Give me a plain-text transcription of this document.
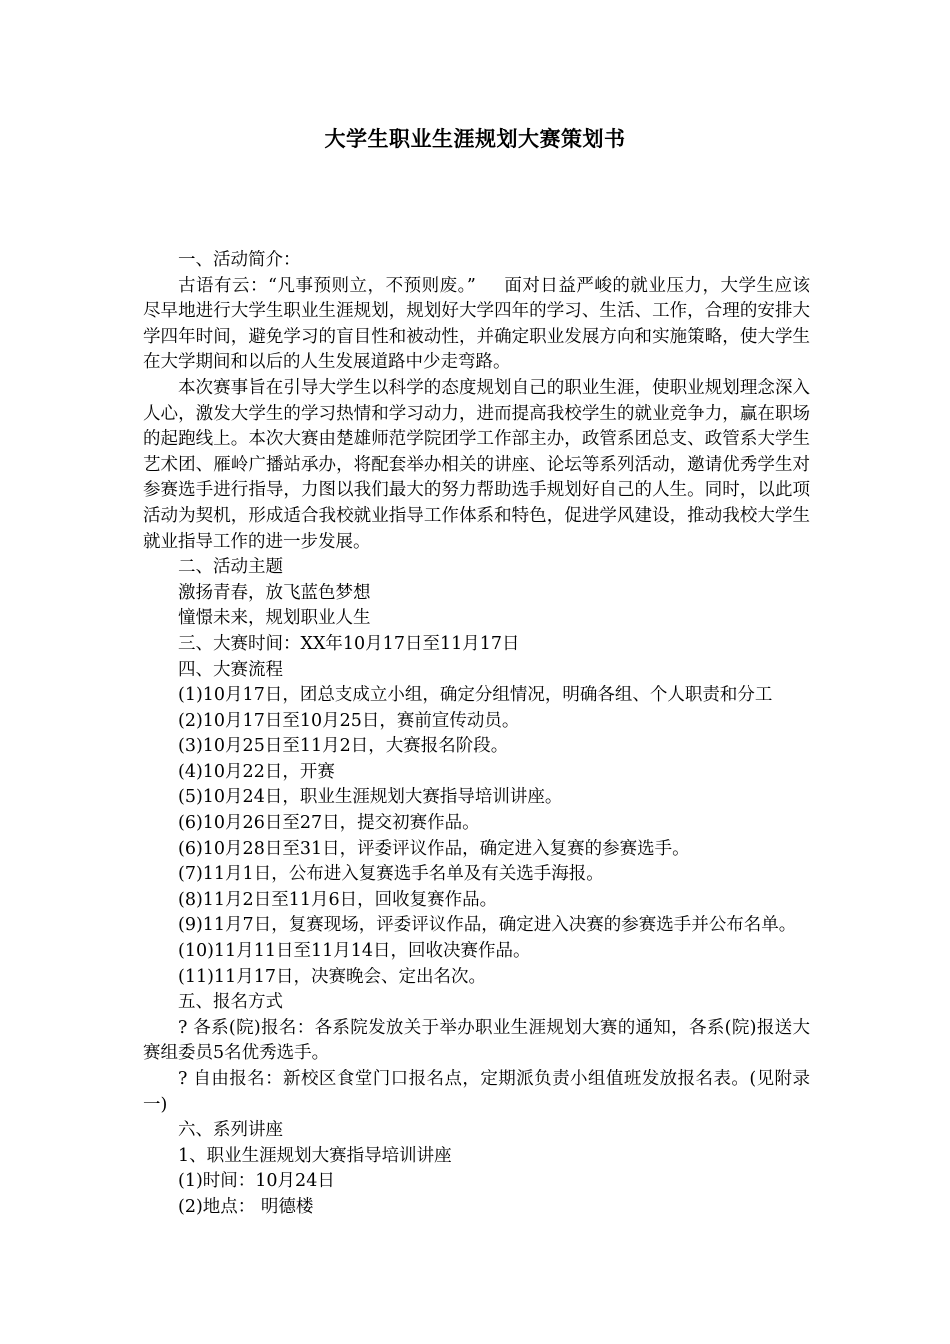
大学生职业生涯规划大赛策划书

一、活动简介：

古语有云：“凡事预则立，不预则废。” 面对日益严峻的就业压力，大学生应该尽早地进行大学生职业生涯规划，规划好大学四年的学习、生活、工作，合理的安排大学四年时间，避免学习的盲目性和被动性，并确定职业发展方向和实施策略，使大学生在大学期间和以后的人生发展道路中少走弯路。

本次赛事旨在引导大学生以科学的态度规划自己的职业生涯，使职业规划理念深入人心，激发大学生的学习热情和学习动力，进而提高我校学生的就业竞争力，赢在职场的起跑线上。本次大赛由楚雄师范学院团学工作部主办，政管系团总支、政管系大学生艺术团、雁岭广播站承办，将配套举办相关的讲座、论坛等系列活动，邀请优秀学生对参赛选手进行指导，力图以我们最大的努力帮助选手规划好自己的人生。同时，以此项活动为契机，形成适合我校就业指导工作体系和特色，促进学风建设，推动我校大学生就业指导工作的进一步发展。

二、活动主题

激扬青春，放飞蓝色梦想

憧憬未来，规划职业人生

三、大赛时间：XX年10月17日至11月17日

四、大赛流程

(1)10月17日，团总支成立小组，确定分组情况，明确各组、个人职责和分工

(2)10月17日至10月25日，赛前宣传动员。

(3)10月25日至11月2日，大赛报名阶段。

(4)10月22日，开赛

(5)10月24日，职业生涯规划大赛指导培训讲座。

(6)10月26日至27日，提交初赛作品。

(6)10月28日至31日，评委评议作品，确定进入复赛的参赛选手。

(7)11月1日，公布进入复赛选手名单及有关选手海报。

(8)11月2日至11月6日，回收复赛作品。

(9)11月7日，复赛现场，评委评议作品，确定进入决赛的参赛选手并公布名单。

(10)11月11日至11月14日，回收决赛作品。

(11)11月17日，决赛晚会、定出名次。

五、报名方式

? 各系(院)报名：各系院发放关于举办职业生涯规划大赛的通知，各系(院)报送大赛组委员5名优秀选手。

? 自由报名：新校区食堂门口报名点，定期派负责小组值班发放报名表。(见附录一)

六、系列讲座

1、职业生涯规划大赛指导培训讲座

(1)时间：10月24日

(2)地点： 明德楼
